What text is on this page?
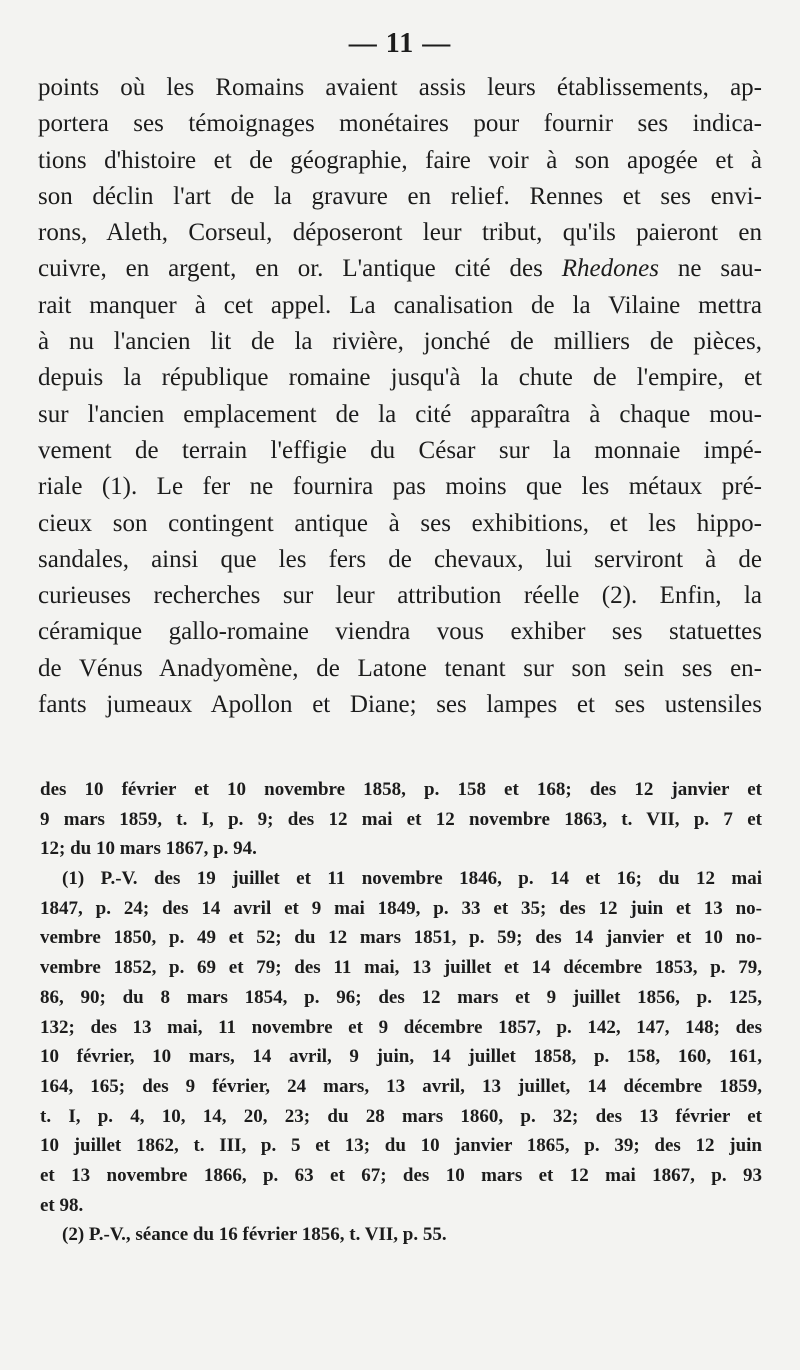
— 11 —
points où les Romains avaient assis leurs établissements, ap-
portera ses témoignages monétaires pour fournir ses indica-
tions d'histoire et de géographie, faire voir à son apogée et à
son déclin l'art de la gravure en relief. Rennes et ses envi-
rons, Aleth, Corseul, déposeront leur tribut, qu'ils paieront en
cuivre, en argent, en or. L'antique cité des Rhedones ne sau-
rait manquer à cet appel. La canalisation de la Vilaine mettra
à nu l'ancien lit de la rivière, jonché de milliers de pièces,
depuis la république romaine jusqu'à la chute de l'empire, et
sur l'ancien emplacement de la cité apparaîtra à chaque mou-
vement de terrain l'effigie du César sur la monnaie impé-
riale (1). Le fer ne fournira pas moins que les métaux pré-
cieux son contingent antique à ses exhibitions, et les hippo-
sandales, ainsi que les fers de chevaux, lui serviront à de
curieuses recherches sur leur attribution réelle (2). Enfin, la
céramique gallo-romaine viendra vous exhiber ses statuettes
de Vénus Anadyomène, de Latone tenant sur son sein ses en-
fants jumeaux Apollon et Diane; ses lampes et ses ustensiles
des 10 février et 10 novembre 1858, p. 158 et 168; des 12 janvier et
9 mars 1859, t. I, p. 9; des 12 mai et 12 novembre 1863, t. VII, p. 7 et
12; du 10 mars 1867, p. 94.
(1) P.-V. des 19 juillet et 11 novembre 1846, p. 14 et 16; du 12 mai
1847, p. 24; des 14 avril et 9 mai 1849, p. 33 et 35; des 12 juin et 13 no-
vembre 1850, p. 49 et 52; du 12 mars 1851, p. 59; des 14 janvier et 10 no-
vembre 1852, p. 69 et 79; des 11 mai, 13 juillet et 14 décembre 1853, p. 79,
86, 90; du 8 mars 1854, p. 96; des 12 mars et 9 juillet 1856, p. 125,
132; des 13 mai, 11 novembre et 9 décembre 1857, p. 142, 147, 148; des
10 février, 10 mars, 14 avril, 9 juin, 14 juillet 1858, p. 158, 160, 161,
164, 165; des 9 février, 24 mars, 13 avril, 13 juillet, 14 décembre 1859,
t. I, p. 4, 10, 14, 20, 23; du 28 mars 1860, p. 32; des 13 février et
10 juillet 1862, t. III, p. 5 et 13; du 10 janvier 1865, p. 39; des 12 juin
et 13 novembre 1866, p. 63 et 67; des 10 mars et 12 mai 1867, p. 93
et 98.
(2) P.-V., séance du 16 février 1856, t. VII, p. 55.
